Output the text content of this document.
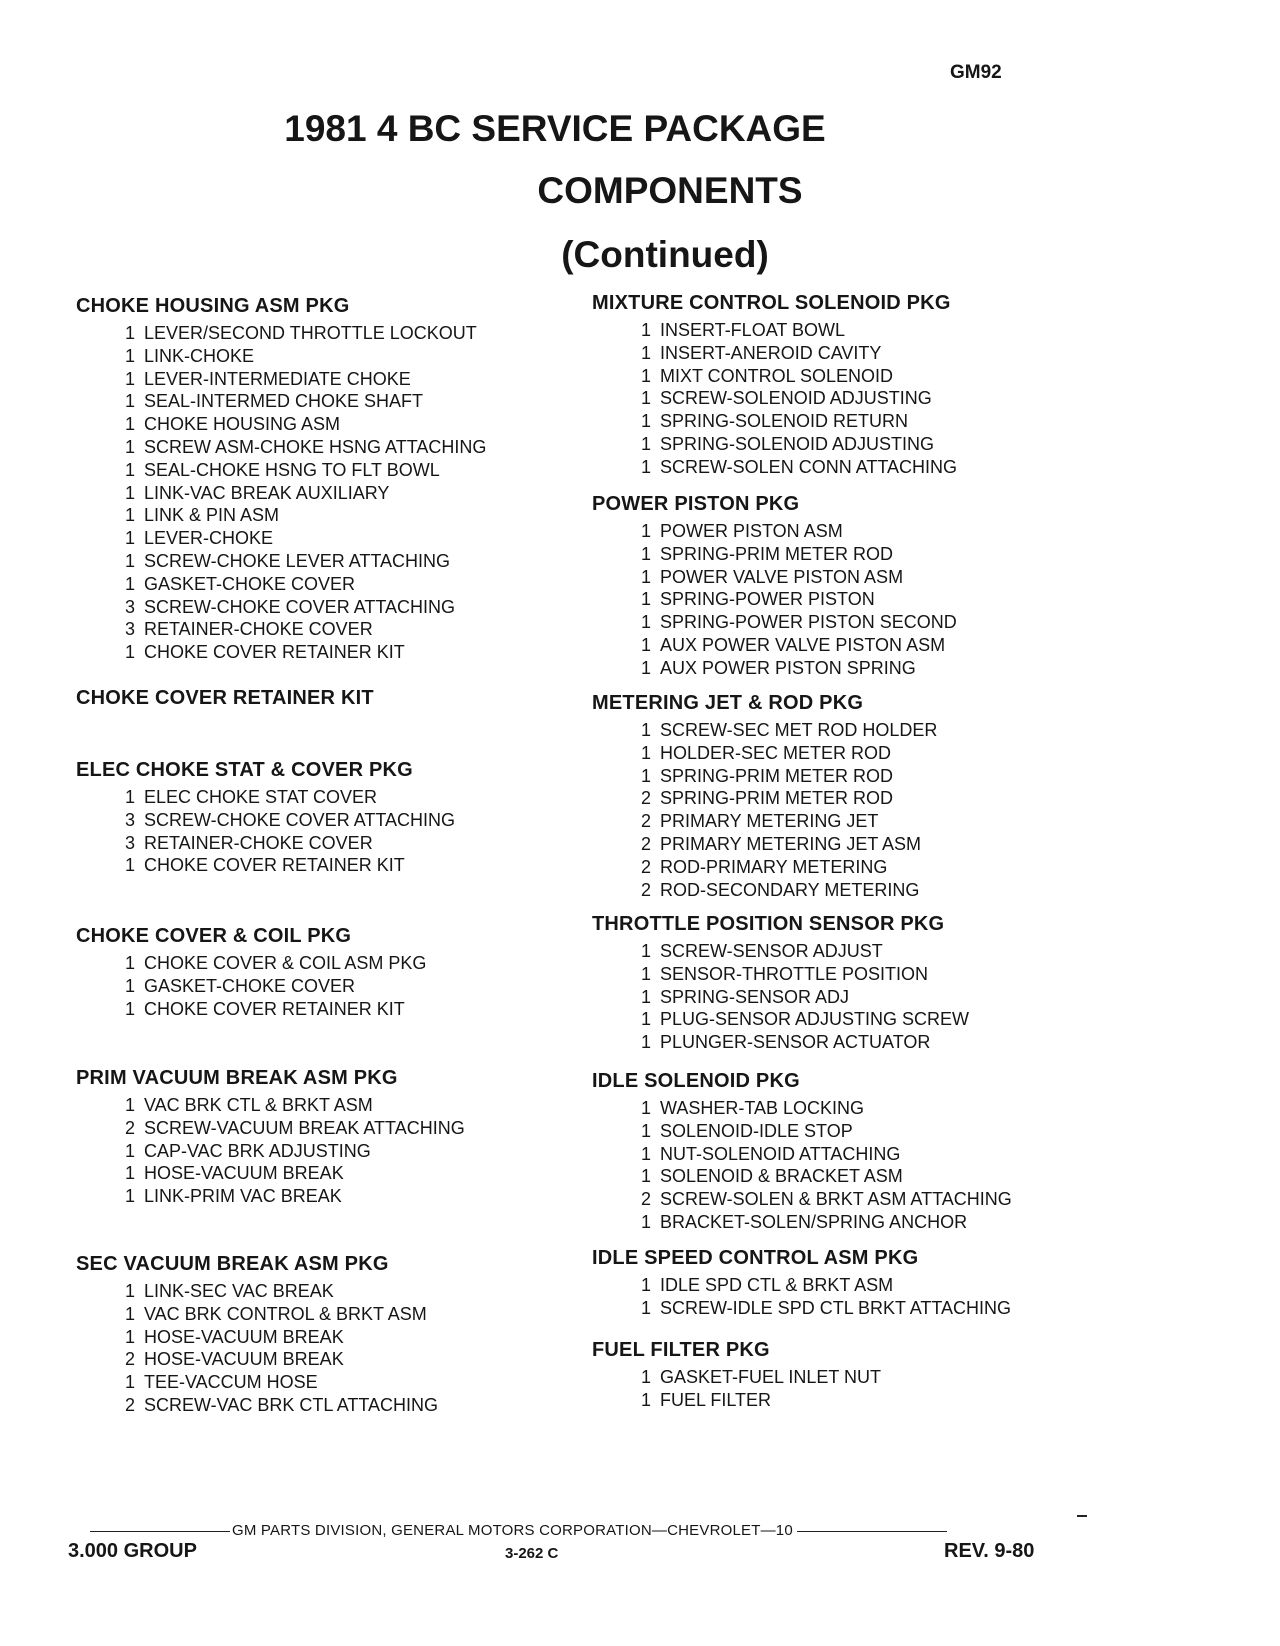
GM92
1981 4 BC SERVICE PACKAGE
COMPONENTS
(Continued)
CHOKE HOUSING ASM PKG
1 LEVER/SECOND THROTTLE LOCKOUT
1 LINK-CHOKE
1 LEVER-INTERMEDIATE CHOKE
1 SEAL-INTERMED CHOKE SHAFT
1 CHOKE HOUSING ASM
1 SCREW ASM-CHOKE HSNG ATTACHING
1 SEAL-CHOKE HSNG TO FLT BOWL
1 LINK-VAC BREAK AUXILIARY
1 LINK & PIN ASM
1 LEVER-CHOKE
1 SCREW-CHOKE LEVER ATTACHING
1 GASKET-CHOKE COVER
3 SCREW-CHOKE COVER ATTACHING
3 RETAINER-CHOKE COVER
1 CHOKE COVER RETAINER KIT
CHOKE COVER RETAINER KIT
ELEC CHOKE STAT & COVER PKG
1 ELEC CHOKE STAT COVER
3 SCREW-CHOKE COVER ATTACHING
3 RETAINER-CHOKE COVER
1 CHOKE COVER RETAINER KIT
CHOKE COVER & COIL PKG
1 CHOKE COVER & COIL ASM PKG
1 GASKET-CHOKE COVER
1 CHOKE COVER RETAINER KIT
PRIM VACUUM BREAK ASM PKG
1 VAC BRK CTL & BRKT ASM
2 SCREW-VACUUM BREAK ATTACHING
1 CAP-VAC BRK ADJUSTING
1 HOSE-VACUUM BREAK
1 LINK-PRIM VAC BREAK
SEC VACUUM BREAK ASM PKG
1 LINK-SEC VAC BREAK
1 VAC BRK CONTROL & BRKT ASM
1 HOSE-VACUUM BREAK
2 HOSE-VACUUM BREAK
1 TEE-VACCUM HOSE
2 SCREW-VAC BRK CTL ATTACHING
MIXTURE CONTROL SOLENOID PKG
1 INSERT-FLOAT BOWL
1 INSERT-ANEROID CAVITY
1 MIXT CONTROL SOLENOID
1 SCREW-SOLENOID ADJUSTING
1 SPRING-SOLENOID RETURN
1 SPRING-SOLENOID ADJUSTING
1 SCREW-SOLEN CONN ATTACHING
POWER PISTON PKG
1 POWER PISTON ASM
1 SPRING-PRIM METER ROD
1 POWER VALVE PISTON ASM
1 SPRING-POWER PISTON
1 SPRING-POWER PISTON SECOND
1 AUX POWER VALVE PISTON ASM
1 AUX POWER PISTON SPRING
METERING JET & ROD PKG
1 SCREW-SEC MET ROD HOLDER
1 HOLDER-SEC METER ROD
1 SPRING-PRIM METER ROD
2 SPRING-PRIM METER ROD
2 PRIMARY METERING JET
2 PRIMARY METERING JET ASM
2 ROD-PRIMARY METERING
2 ROD-SECONDARY METERING
THROTTLE POSITION SENSOR PKG
1 SCREW-SENSOR ADJUST
1 SENSOR-THROTTLE POSITION
1 SPRING-SENSOR ADJ
1 PLUG-SENSOR ADJUSTING SCREW
1 PLUNGER-SENSOR ACTUATOR
IDLE SOLENOID PKG
1 WASHER-TAB LOCKING
1 SOLENOID-IDLE STOP
1 NUT-SOLENOID ATTACHING
1 SOLENOID & BRACKET ASM
2 SCREW-SOLEN & BRKT ASM ATTACHING
1 BRACKET-SOLEN/SPRING ANCHOR
IDLE SPEED CONTROL ASM PKG
1 IDLE SPD CTL & BRKT ASM
1 SCREW-IDLE SPD CTL BRKT ATTACHING
FUEL FILTER PKG
1 GASKET-FUEL INLET NUT
1 FUEL FILTER
GM PARTS DIVISION, GENERAL MOTORS CORPORATION—CHEVROLET—10
3.000 GROUP	3-262 C	REV. 9-80
